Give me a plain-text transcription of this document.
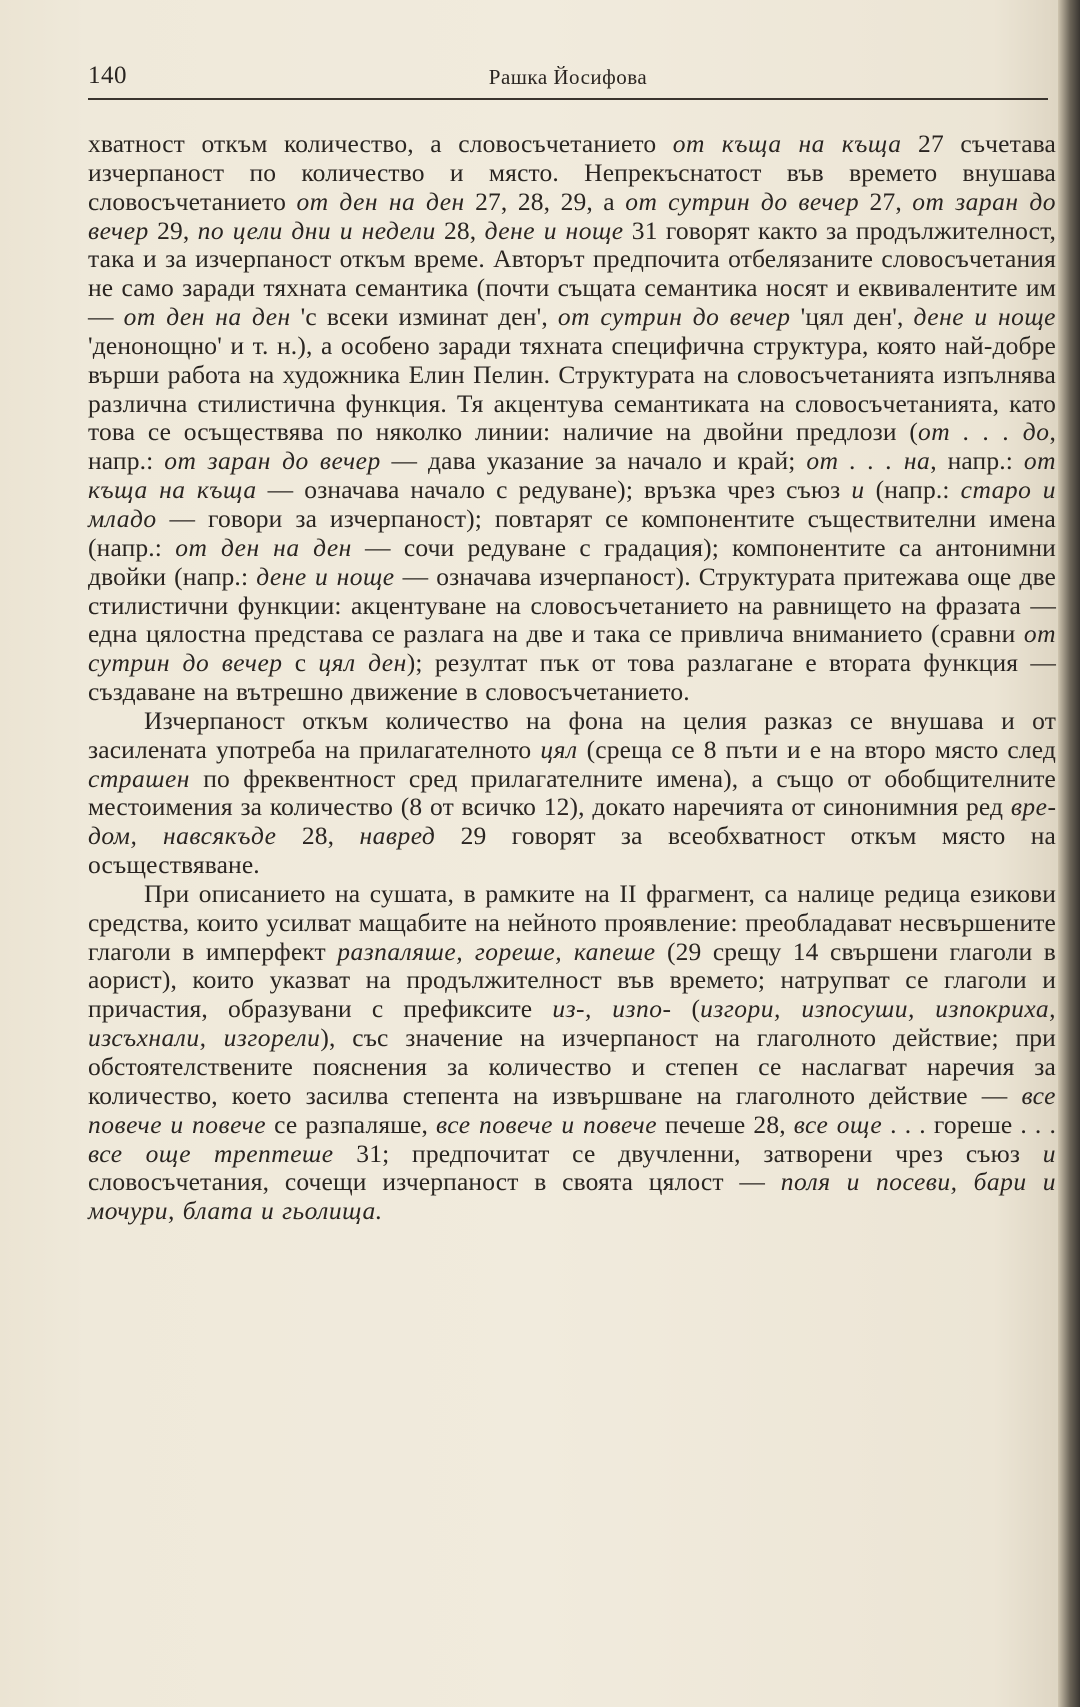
140	Рашка Йосифова

хватност откъм количество, а словосъчетанието от къща на къща 27 съчетава изчерпаност по количество и място. Непрекъснатост във времето внушава словосъчетанието от ден на ден 27, 28, 29, а от сутрин до вечер 27, от заран до вечер 29, по цели дни и недели 28, дене и нощe 31 говорят както за продължителност, така и за изчерпаност откъм време. Авторът предпочита отбелязаните словосъчетания не само заради тяхната семантика (почти същата семантика носят и еквивалентите им — от ден на ден 'с всеки изминат ден', от сутрин до вечер 'цял ден', дене и нощe 'денонощно' и т. н.), а особено заради тяхната специфична структура, която най-добре върши работа на художника Елин Пелин. Структурата на словосъчетанията изпълнява различна стилистична функция. Тя акцентува семантиката на словосъчетанията, като това се осъществява по няколко линии: наличие на двойни предлози (от . . . до, напр.: от заран до вечер — дава указание за начало и край; от . . . на, напр.: от къща на къща — означава начало с редуване); връзка чрез съюз и (напр.: старо и младо — говори за изчерпаност); повтарят се компонентите съществителни имена (напр.: от ден на ден — сочи редуване с градация); компонентите са антонимни двойки (напр.: дене и нощe — означава изчерпаност). Структурата притежава още две стилистични функции: акцентуване на словосъчетанието на равнището на фразата — една цялостна представа се разлага на две и така се привлича вниманието (сравни от сутрин до вечер с цял ден); резултат пък от това разлагане е втората функция — създаване на вътрешно движение в словосъчетанието.

Изчерпаност откъм количество на фона на целия разказ се внушава и от засилената употреба на прилагателното цял (среща се 8 пъти и е на второ място след страшен по фреквентност сред прилагателните имена), а също от обобщителните местоимения за количество (8 от всичко 12), докато наречията от синонимния ред вредом, навсякъде 28, навред 29 говорят за всеобхватност откъм място на осъществяване.

При описанието на сушата, в рамките на II фрагмент, са налице редица езикови средства, които усилват мащабите на нейното проявление: преобладават несвършените глаголи в имперфект разпаляше, гореше, капеше (29 срещу 14 свършени глаголи в аорист), които указват на продължителност във времето; натрупват се глаголи и причастия, образувани с префиксите из-, изпо- (изгори, изпосуши, изпокриха, изсъхнали, изгорели), със значение на изчерпаност на глаголното действие; при обстоятелствените пояснения за количество и степен се наслагват наречия за количество, което засилва степента на извършване на глаголното действие — все повече и повече се разпаляше, все повече и повече печеше 28, все още . . . гореше . . . все още трептеше 31; предпочитат се двучленни, затворени чрез съюз и словосъчетания, сочещи изчерпаност в своята цялост — поля и посеви, бари и мочури, блата и гьолища.
